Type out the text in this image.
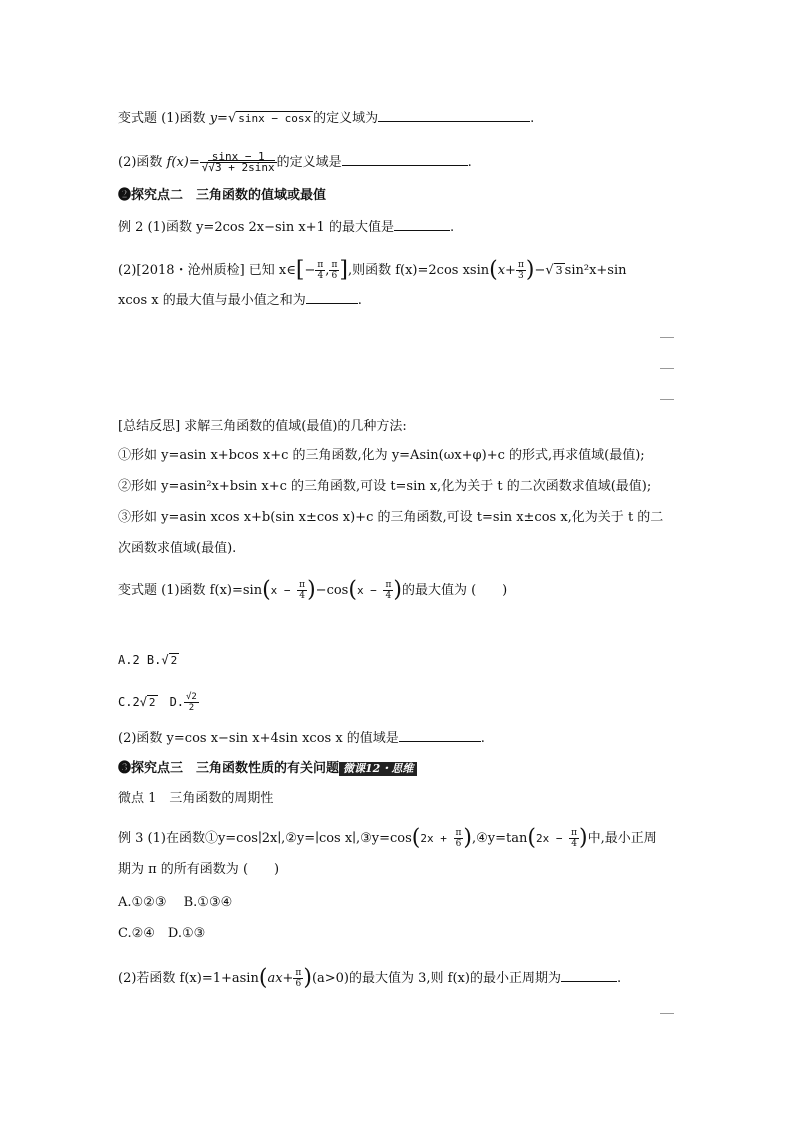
变式题 (1)函数 y=√ sinx − cosx 的定义域为	.
(2)函数 $f(x)= \frac{\sin x - 1}{√√3 + 2\sin x}$ 的定义域是	.
❷探究点二　三角函数的值域或最值
例 2 (1)函数 y=2cos 2x−sin x+1 的最大值是	.
(2)[2018・沧州质检] 已知 x∈[− $\frac{\pi}{4}$ , $\frac{\pi}{6}$ ],则函数 f(x)=2cos $xsin(x+ \frac{\pi}{3}$ )−√ 3 sin²x+sin
xcos x 的最大值与最小值之和为	.
[总结反思] 求解三角函数的值域(最值)的几种方法:
①形如 y=asin x+bcos x+c 的三角函数,化为 y=Asin(ωx+φ)+c 的形式,再求值域(最值);
②形如 y=asin²x+bsin x+c 的三角函数,可设 t=sin x,化为关于 t 的二次函数求值域(最值);
③形如 y=asin xcos x+b(sin x±cos x)+c 的三角函数,可设 t=sin x±cos x,化为关于 t 的二
次函数求值域(最值).
变式题 (1)函数 $f(x)=\sin(x - \frac{\pi}{4} )-\cos(x - \frac{\pi}{4}$ )的最大值为 (　　)
A.2 B.√ 2
C.2√ 2　 D. $\frac{√2}{2}$
(2)函数 y=cos x−sin x+4sin xcos x 的值域是	.
❸探究点三　三角函数性质的有关问题 微课12・思维
微点 1　三角函数的周期性
例 3 (1)在函数①y=cos∣2x∣,②y=∣cos x∣,③y=cos(2x + $\frac{\pi}{6}$ ),④y=tan(2x − $\frac{\pi}{4}$ )中,最小正周
期为 π 的所有函数为 (　　)
A.①②③　 B.①③④
C.②④　D.①③
(2)若函数 $f(x)=1+asin(ax+ \frac{\pi}{6} )(a>0)$的最大值为 3,则 f(x)的最小正周期为	.
